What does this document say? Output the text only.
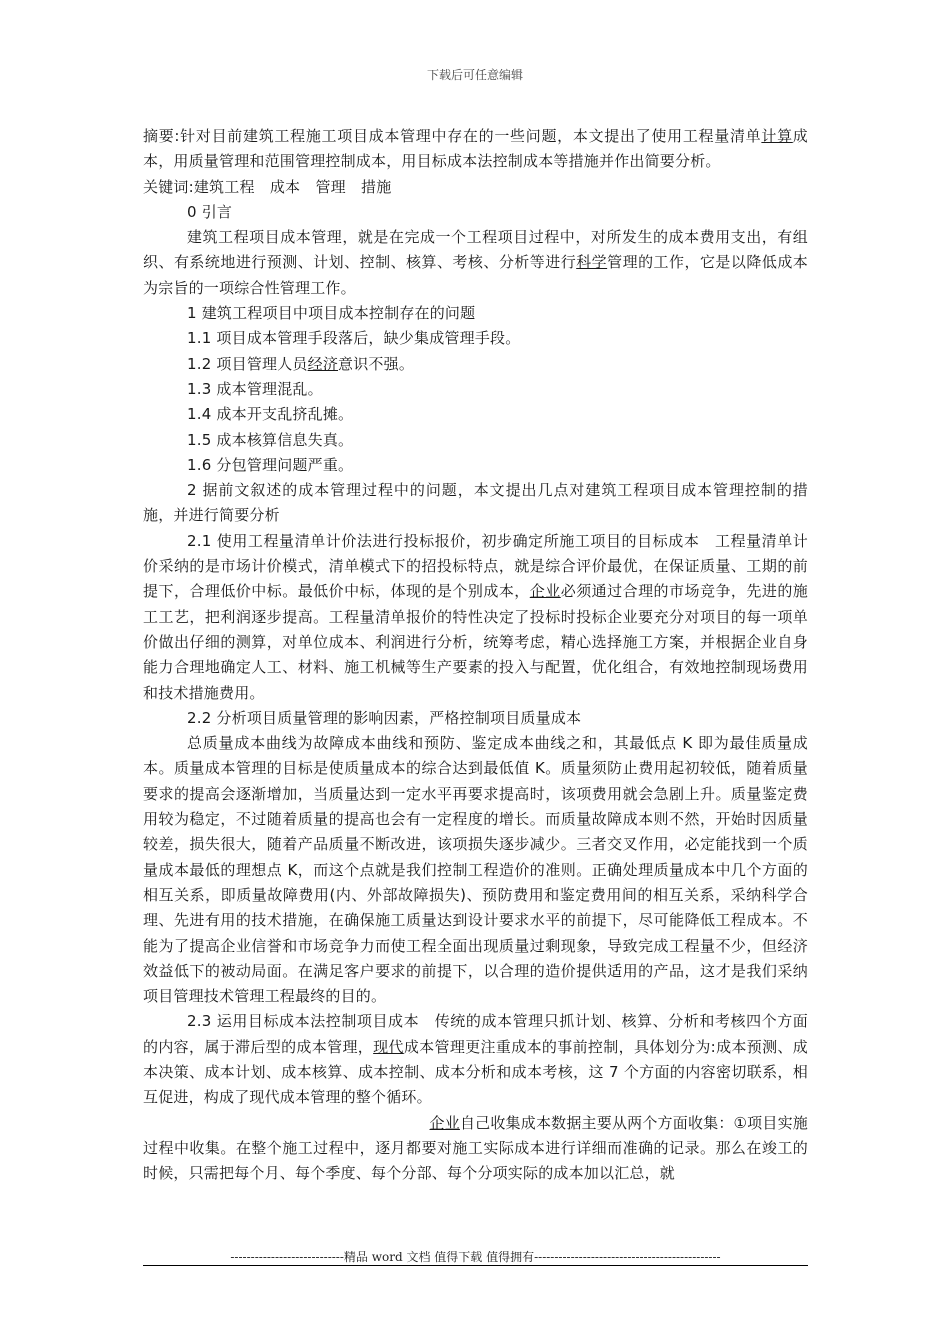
下载后可任意编辑

摘要:针对目前建筑工程施工项目成本管理中存在的一些问题，本文提出了使用工程量清单计算成本，用质量管理和范围管理控制成本，用目标成本法控制成本等措施并作出简要分析。

关键词:建筑工程　成本　管理　措施

0 引言

建筑工程项目成本管理，就是在完成一个工程项目过程中，对所发生的成本费用支出，有组织、有系统地进行预测、计划、控制、核算、考核、分析等进行科学管理的工作，它是以降低成本为宗旨的一项综合性管理工作。

1 建筑工程项目中项目成本控制存在的问题

1.1 项目成本管理手段落后，缺少集成管理手段。

1.2 项目管理人员经济意识不强。

1.3 成本管理混乱。

1.4 成本开支乱挤乱摊。

1.5 成本核算信息失真。

1.6 分包管理问题严重。

2 据前文叙述的成本管理过程中的问题，本文提出几点对建筑工程项目成本管理控制的措施，并进行简要分析

2.1 使用工程量清单计价法进行投标报价，初步确定所施工项目的目标成本　工程量清单计价采纳的是市场计价模式，清单模式下的招投标特点，就是综合评价最优，在保证质量、工期的前提下，合理低价中标。最低价中标，体现的是个别成本，企业必须通过合理的市场竞争，先进的施工工艺，把利润逐步提高。工程量清单报价的特性决定了投标时投标企业要充分对项目的每一项单价做出仔细的测算，对单位成本、利润进行分析，统筹考虑，精心选择施工方案，并根据企业自身能力合理地确定人工、材料、施工机械等生产要素的投入与配置，优化组合，有效地控制现场费用和技术措施费用。

2.2 分析项目质量管理的影响因素，严格控制项目质量成本

总质量成本曲线为故障成本曲线和预防、鉴定成本曲线之和，其最低点 K 即为最佳质量成本。质量成本管理的目标是使质量成本的综合达到最低值 K。质量须防止费用起初较低，随着质量要求的提高会逐渐增加，当质量达到一定水平再要求提高时，该项费用就会急剧上升。质量鉴定费用较为稳定，不过随着质量的提高也会有一定程度的增长。而质量故障成本则不然，开始时因质量较差，损失很大，随着产品质量不断改进，该项损失逐步减少。三者交叉作用，必定能找到一个质量成本最低的理想点 K，而这个点就是我们控制工程造价的准则。正确处理质量成本中几个方面的相互关系，即质量故障费用(内、外部故障损失)、预防费用和鉴定费用间的相互关系，采纳科学合理、先进有用的技术措施，在确保施工质量达到设计要求水平的前提下，尽可能降低工程成本。不能为了提高企业信誉和市场竞争力而使工程全面出现质量过剩现象，导致完成工程量不少，但经济效益低下的被动局面。在满足客户要求的前提下，以合理的造价提供适用的产品，这才是我们采纳项目管理技术管理工程最终的目的。

2.3 运用目标成本法控制项目成本　传统的成本管理只抓计划、核算、分析和考核四个方面的内容，属于滞后型的成本管理，现代成本管理更注重成本的事前控制，具体划分为:成本预测、成本决策、成本计划、成本核算、成本控制、成本分析和成本考核，这 7 个方面的内容密切联系，相互促进，构成了现代成本管理的整个循环。

企业自己收集成本数据主要从两个方面收集：①项目实施

过程中收集。在整个施工过程中，逐月都要对施工实际成本进行详细而准确的记录。那么在竣工的时候，只需把每个月、每个季度、每个分部、每个分项实际的成本加以汇总，就

----------------------------精品 word 文档 值得下载 值得拥有----------------------------------------------
